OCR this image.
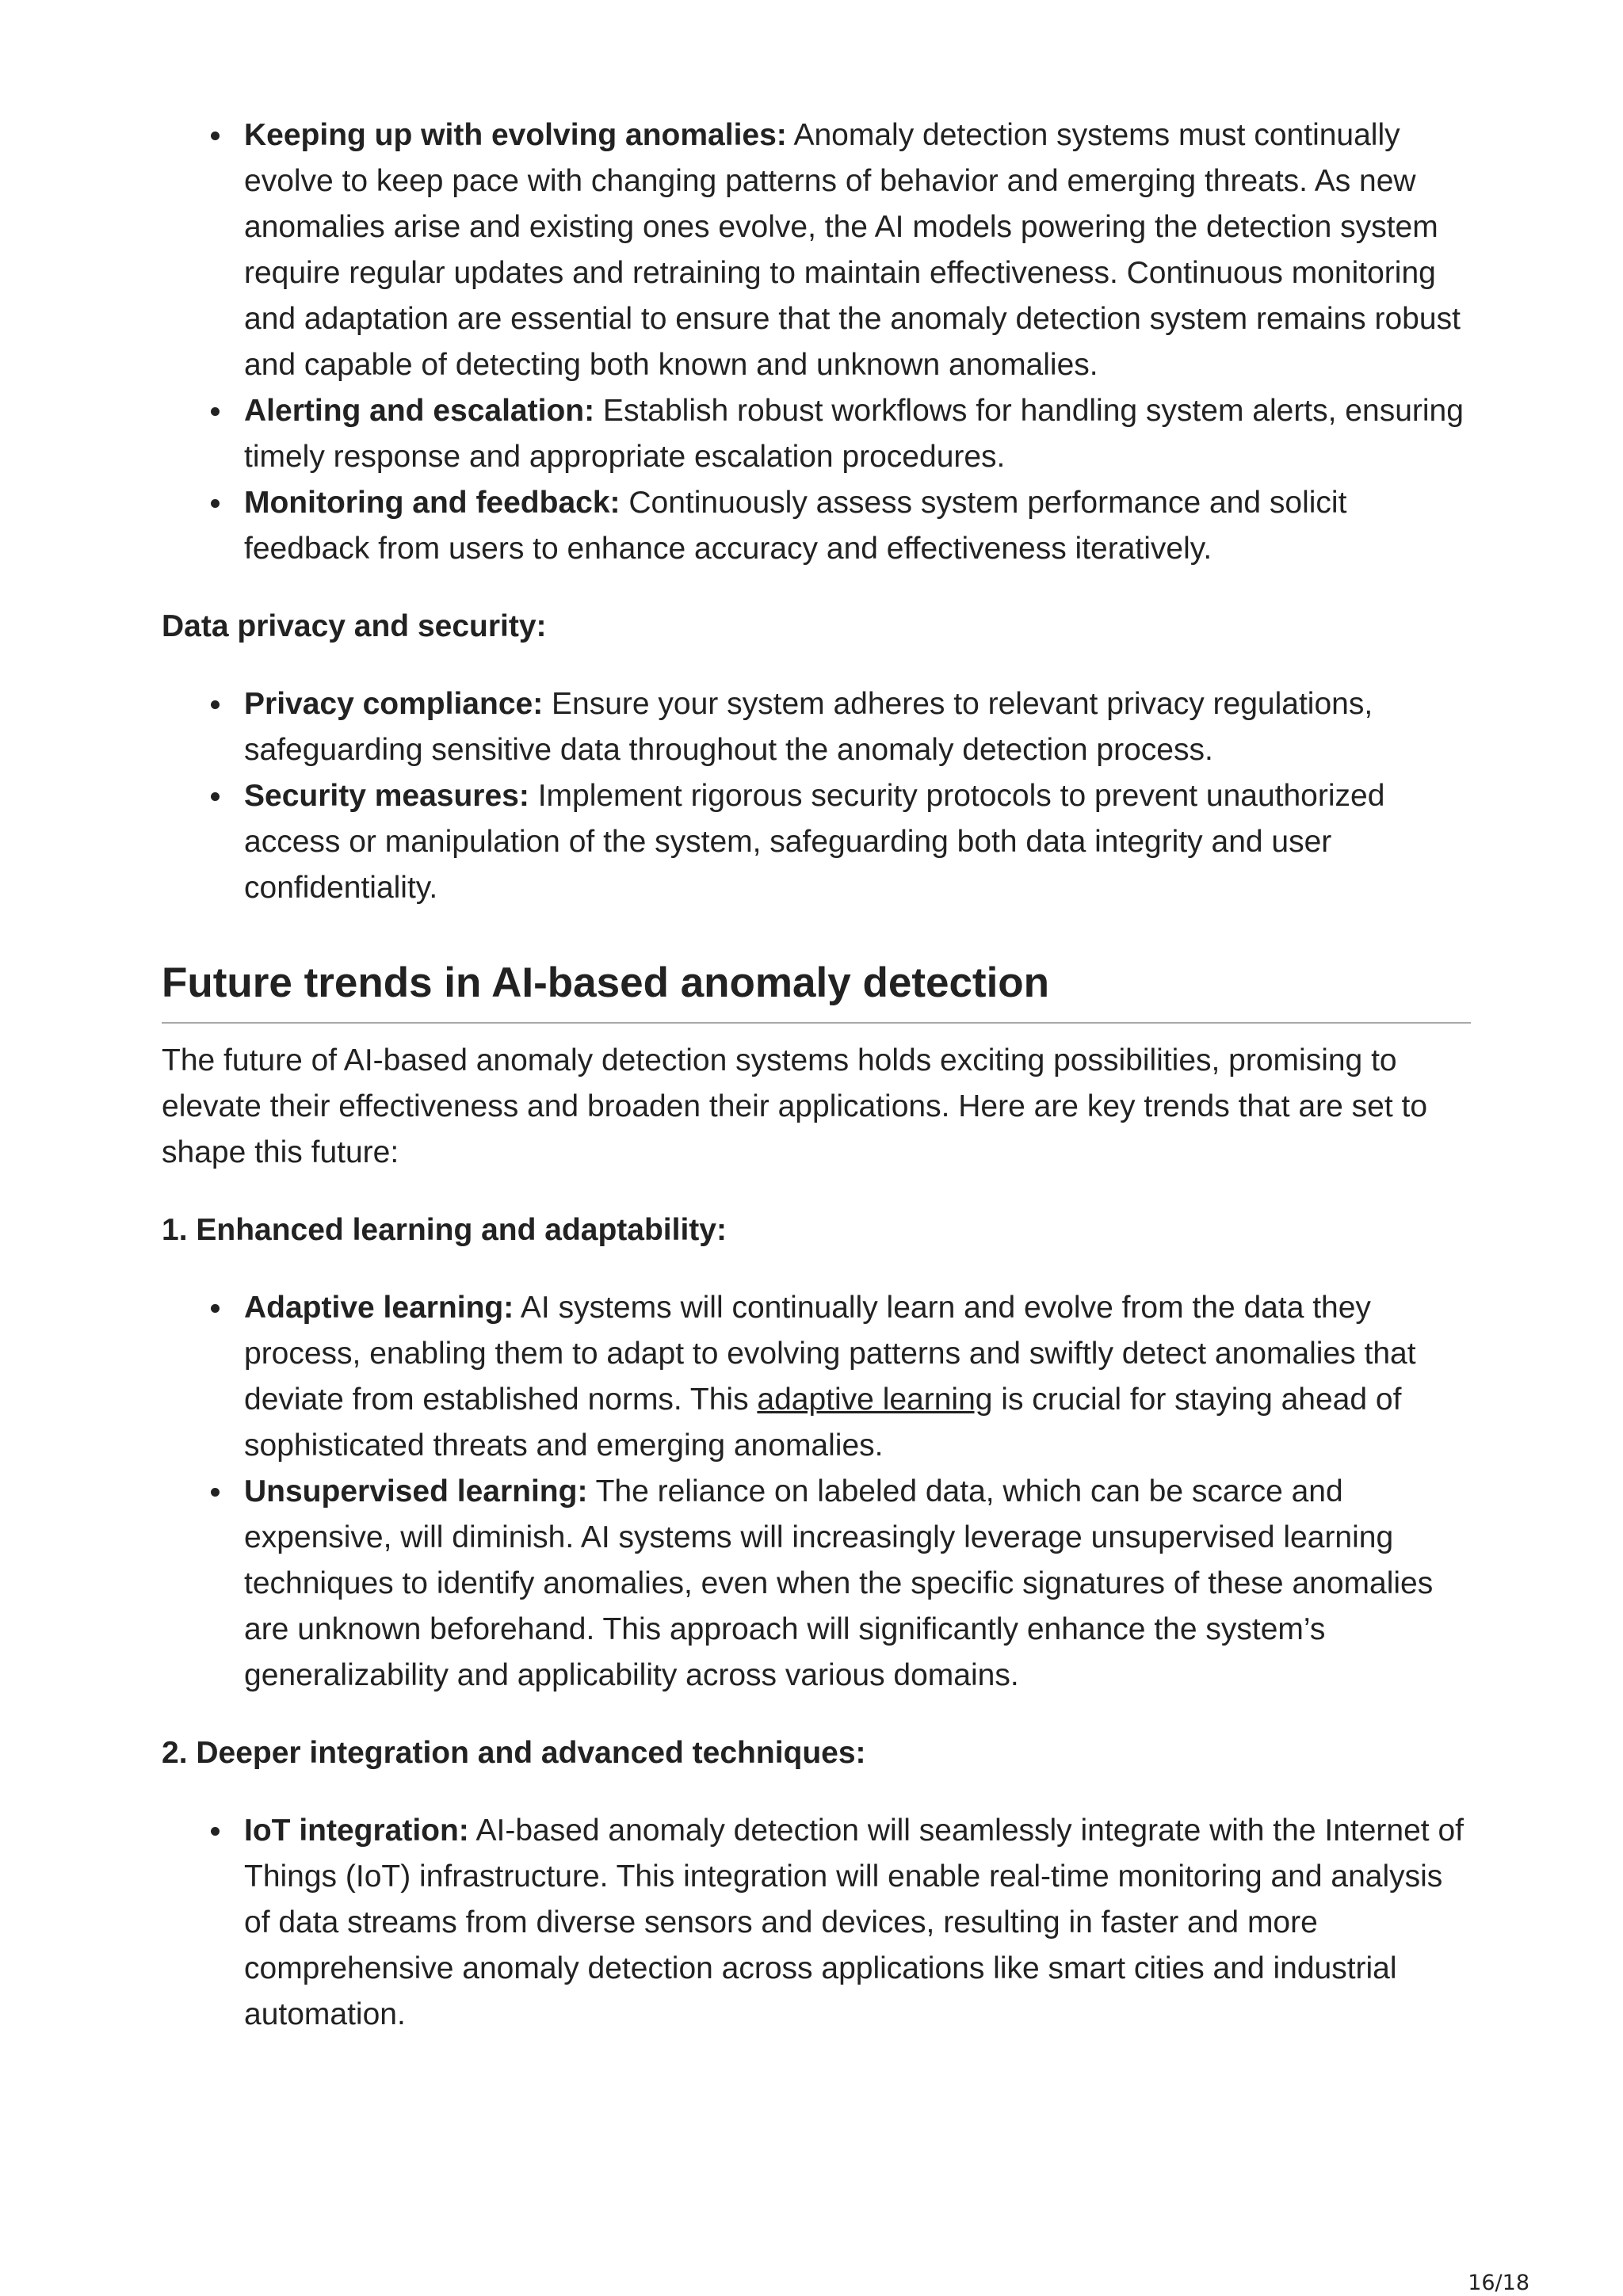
Keeping up with evolving anomalies: Anomaly detection systems must continually evolve to keep pace with changing patterns of behavior and emerging threats. As new anomalies arise and existing ones evolve, the AI models powering the detection system require regular updates and retraining to maintain effectiveness. Continuous monitoring and adaptation are essential to ensure that the anomaly detection system remains robust and capable of detecting both known and unknown anomalies.
Alerting and escalation: Establish robust workflows for handling system alerts, ensuring timely response and appropriate escalation procedures.
Monitoring and feedback: Continuously assess system performance and solicit feedback from users to enhance accuracy and effectiveness iteratively.
Data privacy and security:
Privacy compliance: Ensure your system adheres to relevant privacy regulations, safeguarding sensitive data throughout the anomaly detection process.
Security measures: Implement rigorous security protocols to prevent unauthorized access or manipulation of the system, safeguarding both data integrity and user confidentiality.
Future trends in AI-based anomaly detection

The future of AI-based anomaly detection systems holds exciting possibilities, promising to elevate their effectiveness and broaden their applications. Here are key trends that are set to shape this future:

1. Enhanced learning and adaptability:
Adaptive learning: AI systems will continually learn and evolve from the data they process, enabling them to adapt to evolving patterns and swiftly detect anomalies that deviate from established norms. This adaptive learning is crucial for staying ahead of sophisticated threats and emerging anomalies.
Unsupervised learning: The reliance on labeled data, which can be scarce and expensive, will diminish. AI systems will increasingly leverage unsupervised learning techniques to identify anomalies, even when the specific signatures of these anomalies are unknown beforehand. This approach will significantly enhance the system’s generalizability and applicability across various domains.
2. Deeper integration and advanced techniques:
IoT integration: AI-based anomaly detection will seamlessly integrate with the Internet of Things (IoT) infrastructure. This integration will enable real-time monitoring and analysis of data streams from diverse sensors and devices, resulting in faster and more comprehensive anomaly detection across applications like smart cities and industrial automation.
16/18
